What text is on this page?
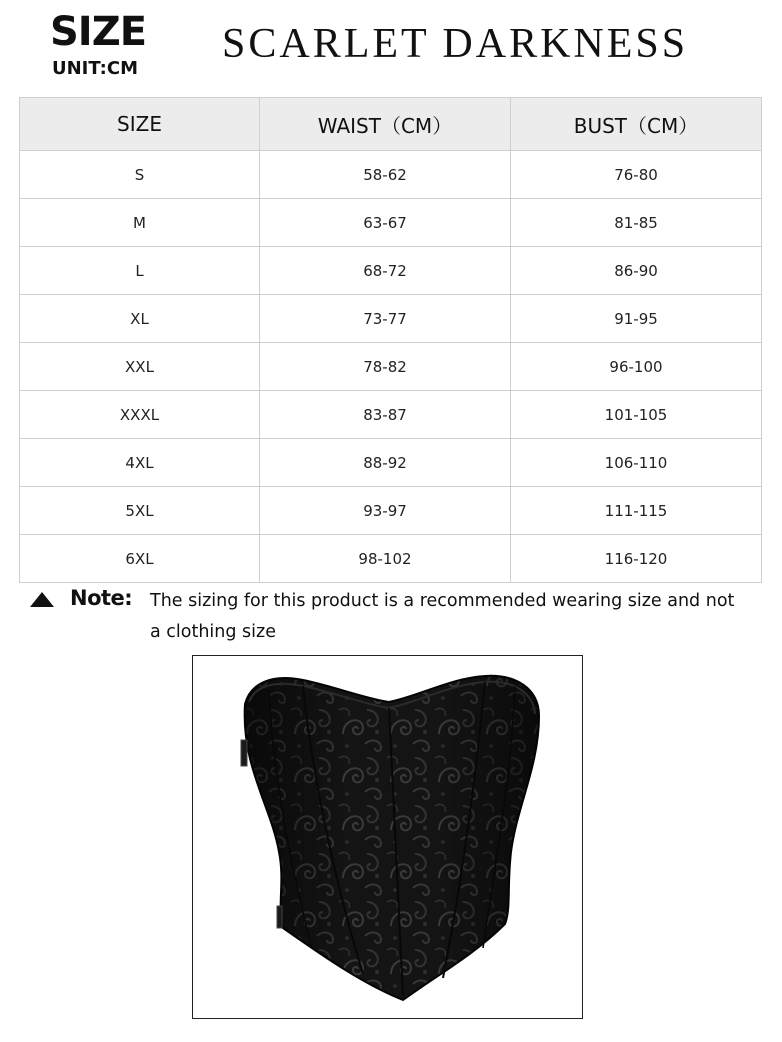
SIZE
UNIT:CM
SCARLET DARKNESS
SIZE	WAIST（CM）	BUST（CM）
S	58-62	76-80
M	63-67	81-85
L	68-72	86-90
XL	73-77	91-95
XXL	78-82	96-100
XXXL	83-87	101-105
4XL	88-92	106-110
5XL	93-97	111-115
6XL	98-102	116-120
Note: The sizing for this product is a recommended wearing size and not a clothing size
